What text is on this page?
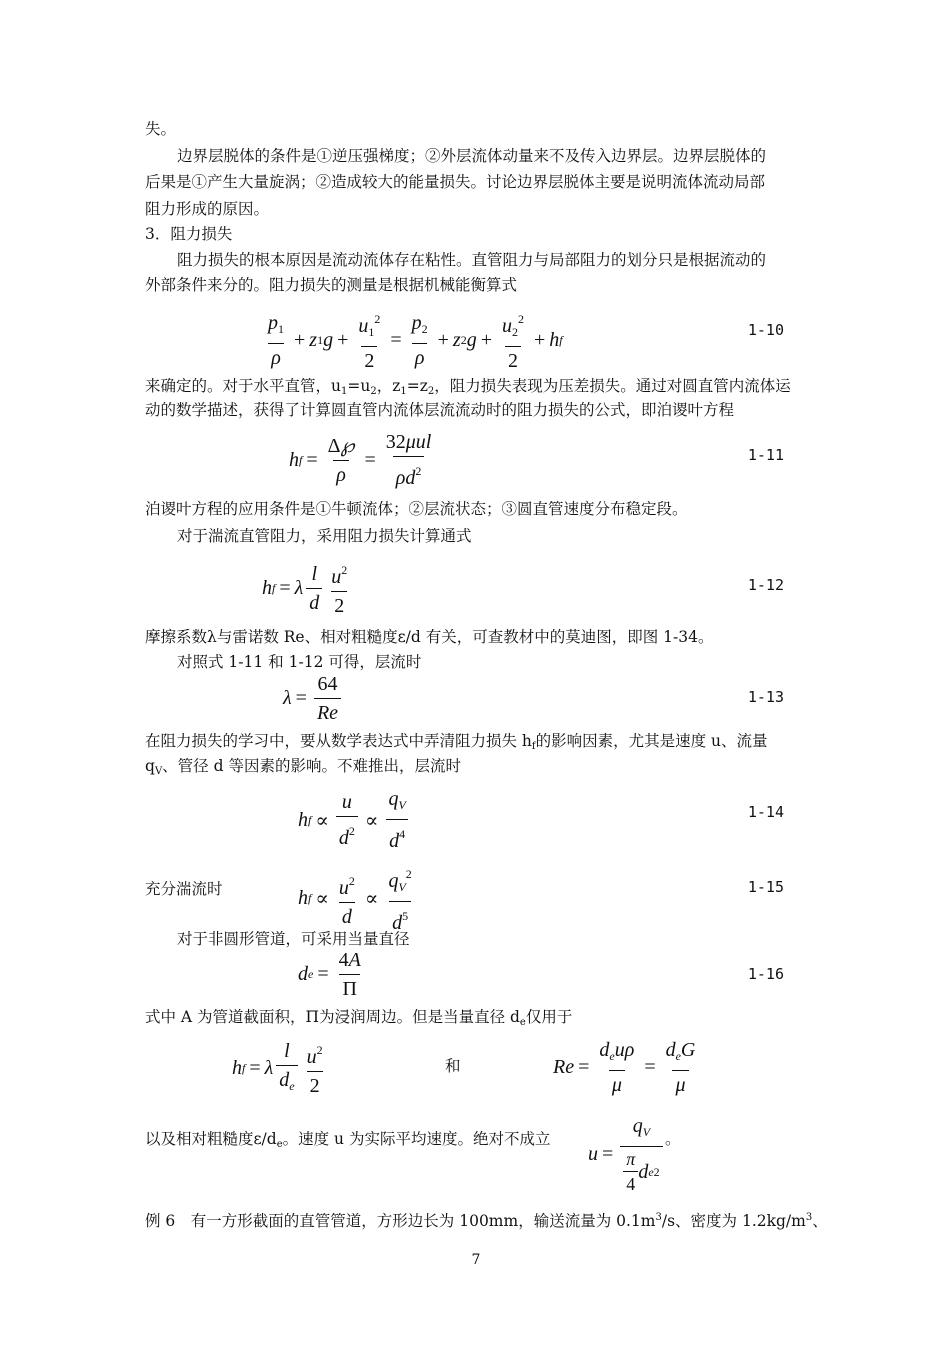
失。
边界层脱体的条件是①逆压强梯度；②外层流体动量来不及传入边界层。边界层脱体的
后果是①产生大量旋涡；②造成较大的能量损失。讨论边界层脱体主要是说明流体流动局部
阻力形成的原因。
3．阻力损失
阻力损失的根本原因是流动流体存在粘性。直管阻力与局部阻力的划分只是根据流动的
外部条件来分的。阻力损失的测量是根据机械能衡算式
$\frac{p_1}{\rho} + z$ 1 $g + \frac{u_1^2}{2} = \frac{p_2}{\rho} + z$ 2 $g + \frac{u_2^2}{2} + h$ f
1-10
来确定的。对于水平直管，u1=u2，z1=z2，阻力损失表现为压差损失。通过对圆直管内流体运
动的数学描述，获得了计算圆直管内流体层流流动时的阻力损失的公式，即泊谡叶方程
h $f = \frac{\Delta℘}{\rho} = \frac{\text{32μul}}{\rho d^2}$	1-11
泊谡叶方程的应用条件是①牛顿流体；②层流状态；③圆直管速度分布稳定段。
对于湍流直管阻力，采用阻力损失计算通式
h f = λ $\frac{l}{d} \frac{u^2}{2}$	1-12
摩擦系数λ与雷诺数 Re、相对粗糙度ε/d 有关，可查教材中的莫迪图，即图 1-34。
对照式 1-11 和 1-12 可得，层流时
$\lambda = \frac{64}{Re}$	1-13
在阻力损失的学习中，要从数学表达式中弄清阻力损失 hf的影响因素，尤其是速度 u、流量
qV、管径 d 等因素的影响。不难推出，层流时
h $f \propto \frac{u}{d^2} \propto \frac{q_V}{d^4}$	1-14
充分湍流时	h $f \propto \frac{u^2}{d} \propto \frac{q_V^2}{d^5}$	1-15
对于非圆形管道，可采用当量直径
d $e = \frac{4A}{\Pi}$	1-16
式中 A 为管道截面积，Π为浸润周边。但是当量直径 de仅用于
h f = λ $\frac{l}{d_e} \frac{u^2}{2}$	和	$Re = \frac{d_eu\rho}{\mu} = \frac{d_eG}{\mu}$
以及相对粗糙度ε/de。速度 u 为实际平均速度。绝对不成立
$u = \frac{q_V}{\frac{\pi}{4} d e 2}$ 。
例 6　有一方形截面的直管管道，方形边长为 100mm，输送流量为 $0.1m^3/s$、密度为 $1.2kg/m^3$、
7
